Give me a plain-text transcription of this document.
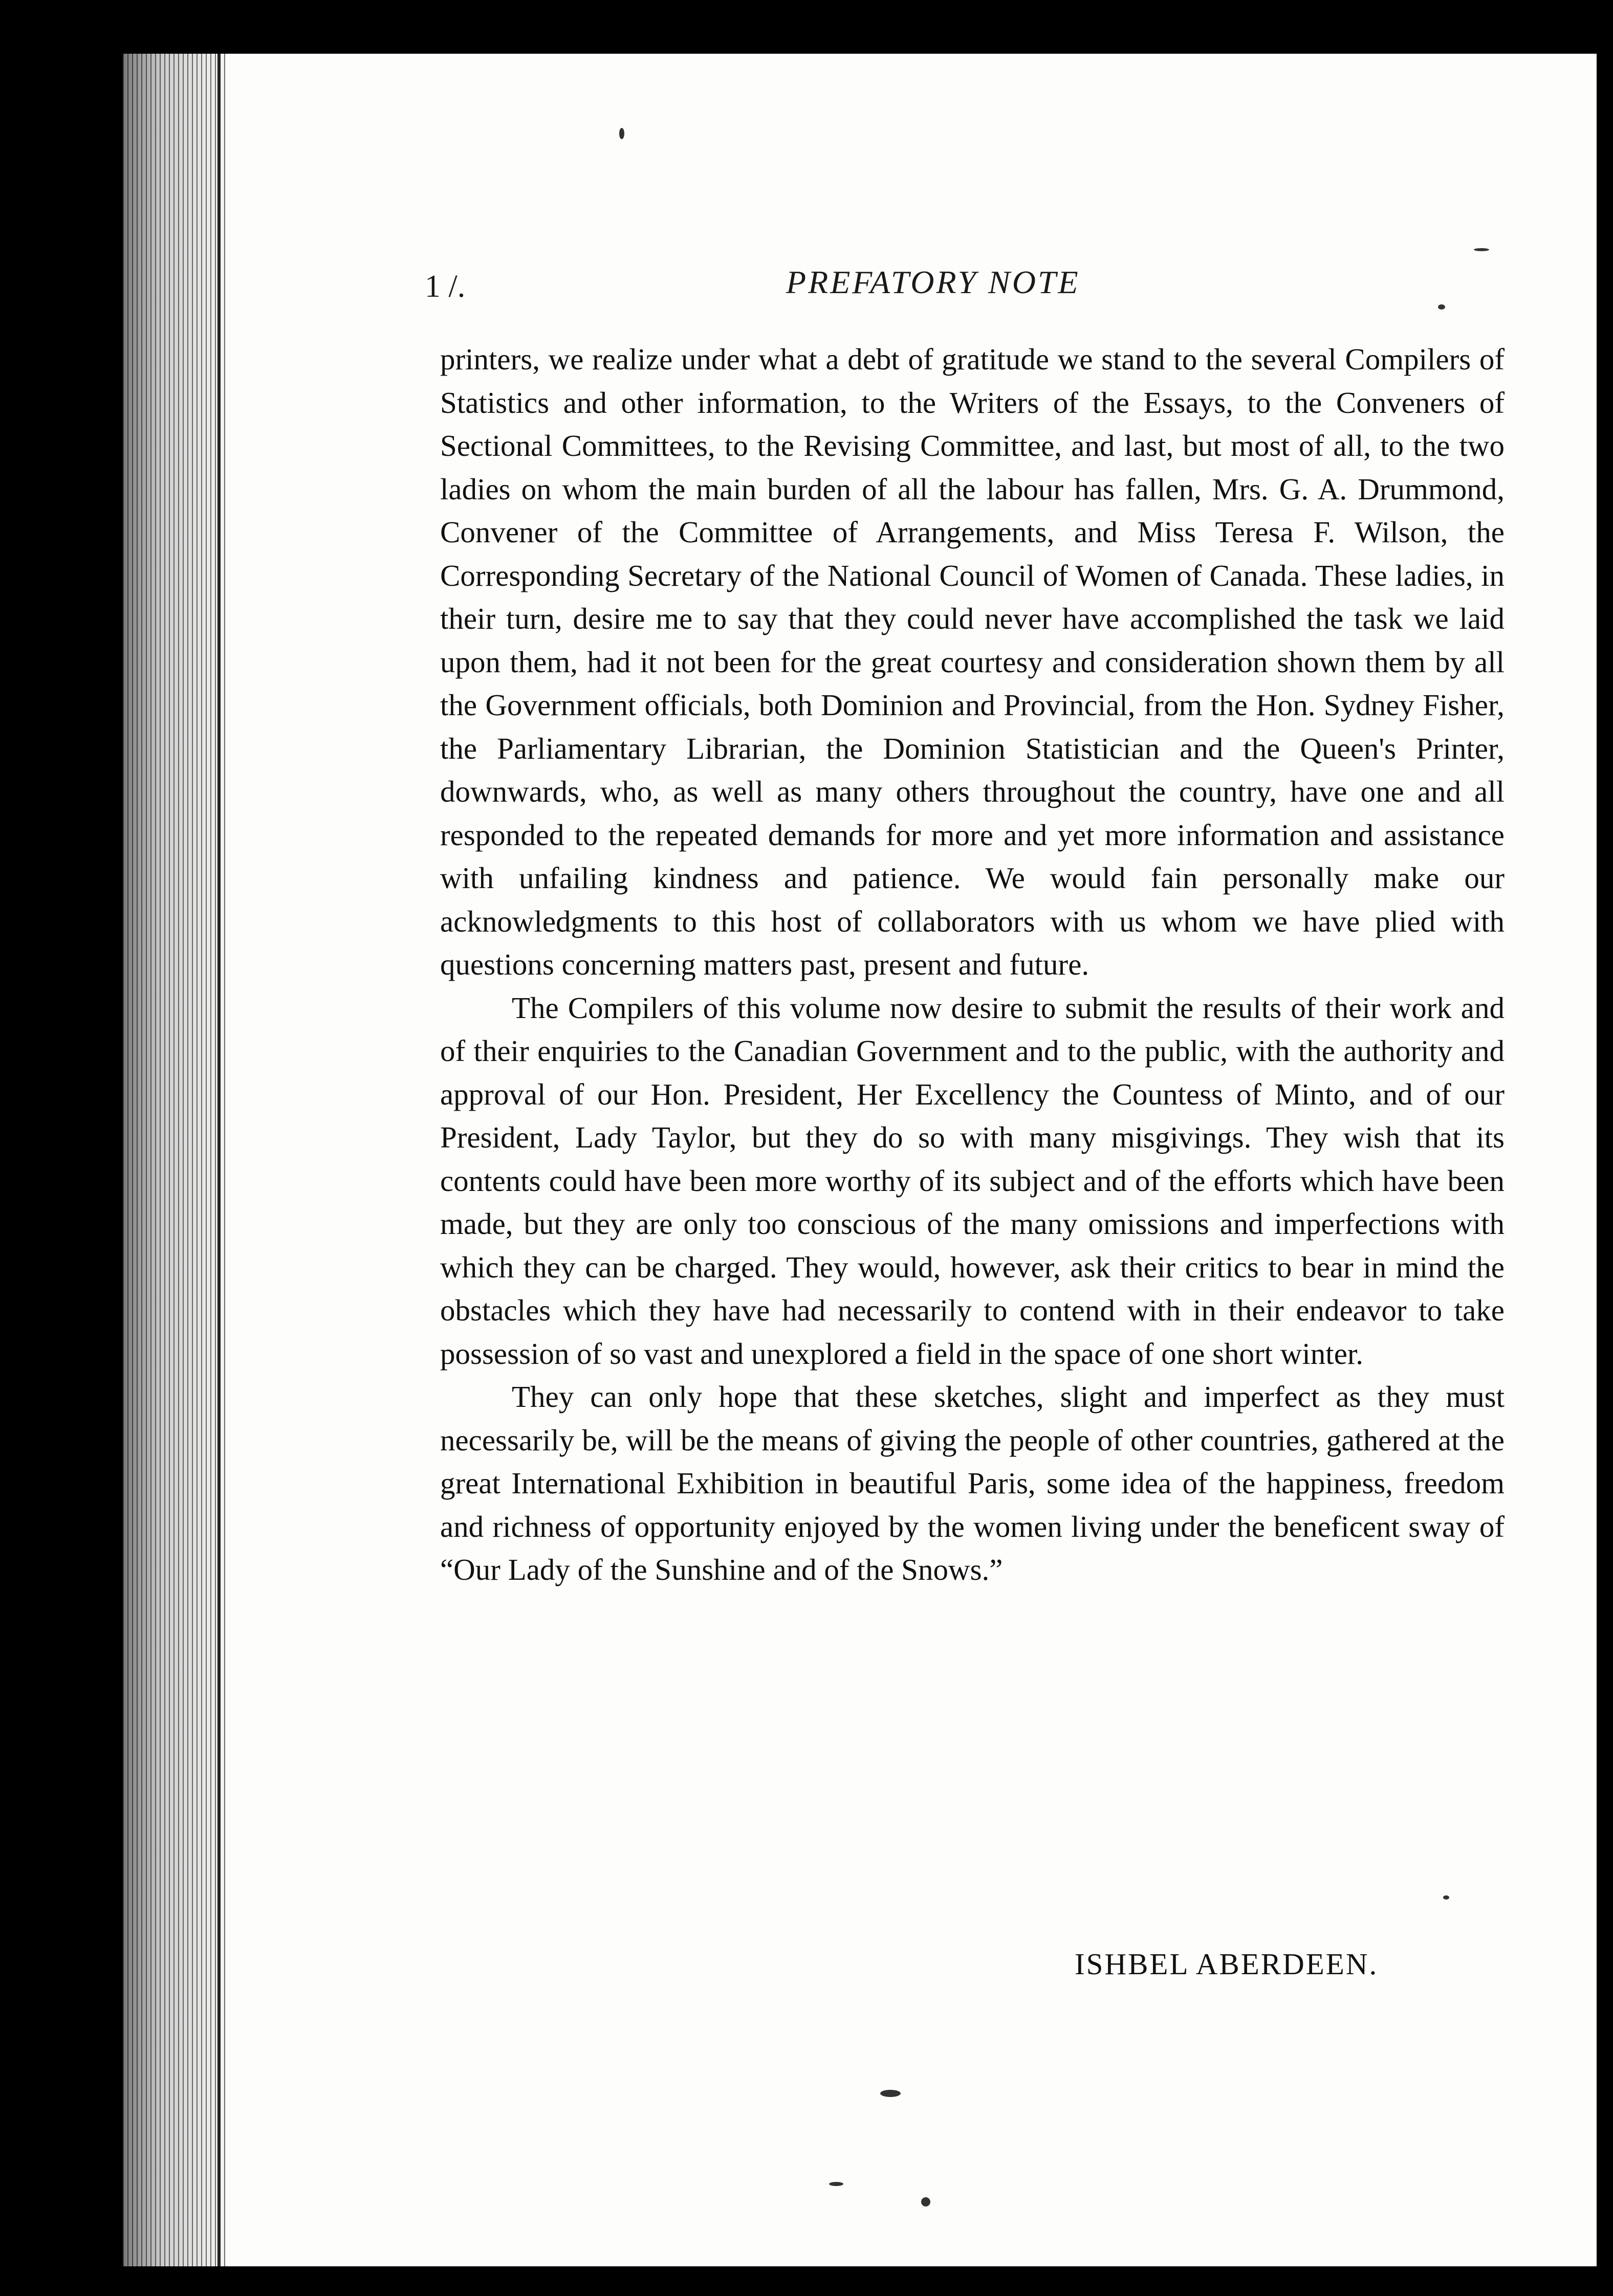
1 /.	PREFATORY NOTE

printers, we realize under what a debt of gratitude we stand to the several Compilers of Statistics and other information, to the Writers of the Essays, to the Conveners of Sectional Committees, to the Revising Committee, and last, but most of all, to the two ladies on whom the main burden of all the labour has fallen, Mrs. G. A. Drummond, Convener of the Committee of Arrangements, and Miss Teresa F. Wilson, the Corresponding Secretary of the National Council of Women of Canada. These ladies, in their turn, desire me to say that they could never have accomplished the task we laid upon them, had it not been for the great courtesy and consideration shown them by all the Government officials, both Dominion and Provincial, from the Hon. Sydney Fisher, the Parliamentary Librarian, the Dominion Statistician and the Queen's Printer, downwards, who, as well as many others throughout the country, have one and all responded to the repeated demands for more and yet more information and assistance with unfailing kindness and patience. We would fain personally make our acknowledgments to this host of collaborators with us whom we have plied with questions concerning matters past, present and future.

The Compilers of this volume now desire to submit the results of their work and of their enquiries to the Canadian Government and to the public, with the authority and approval of our Hon. President, Her Excellency the Countess of Minto, and of our President, Lady Taylor, but they do so with many misgivings. They wish that its contents could have been more worthy of its subject and of the efforts which have been made, but they are only too conscious of the many omissions and imperfections with which they can be charged. They would, however, ask their critics to bear in mind the obstacles which they have had necessarily to contend with in their endeavor to take possession of so vast and unexplored a field in the space of one short winter.

They can only hope that these sketches, slight and imperfect as they must necessarily be, will be the means of giving the people of other countries, gathered at the great International Exhibition in beautiful Paris, some idea of the happiness, freedom and richness of opportunity enjoyed by the women living under the beneficent sway of “Our Lady of the Sunshine and of the Snows.”

ISHBEL ABERDEEN.
